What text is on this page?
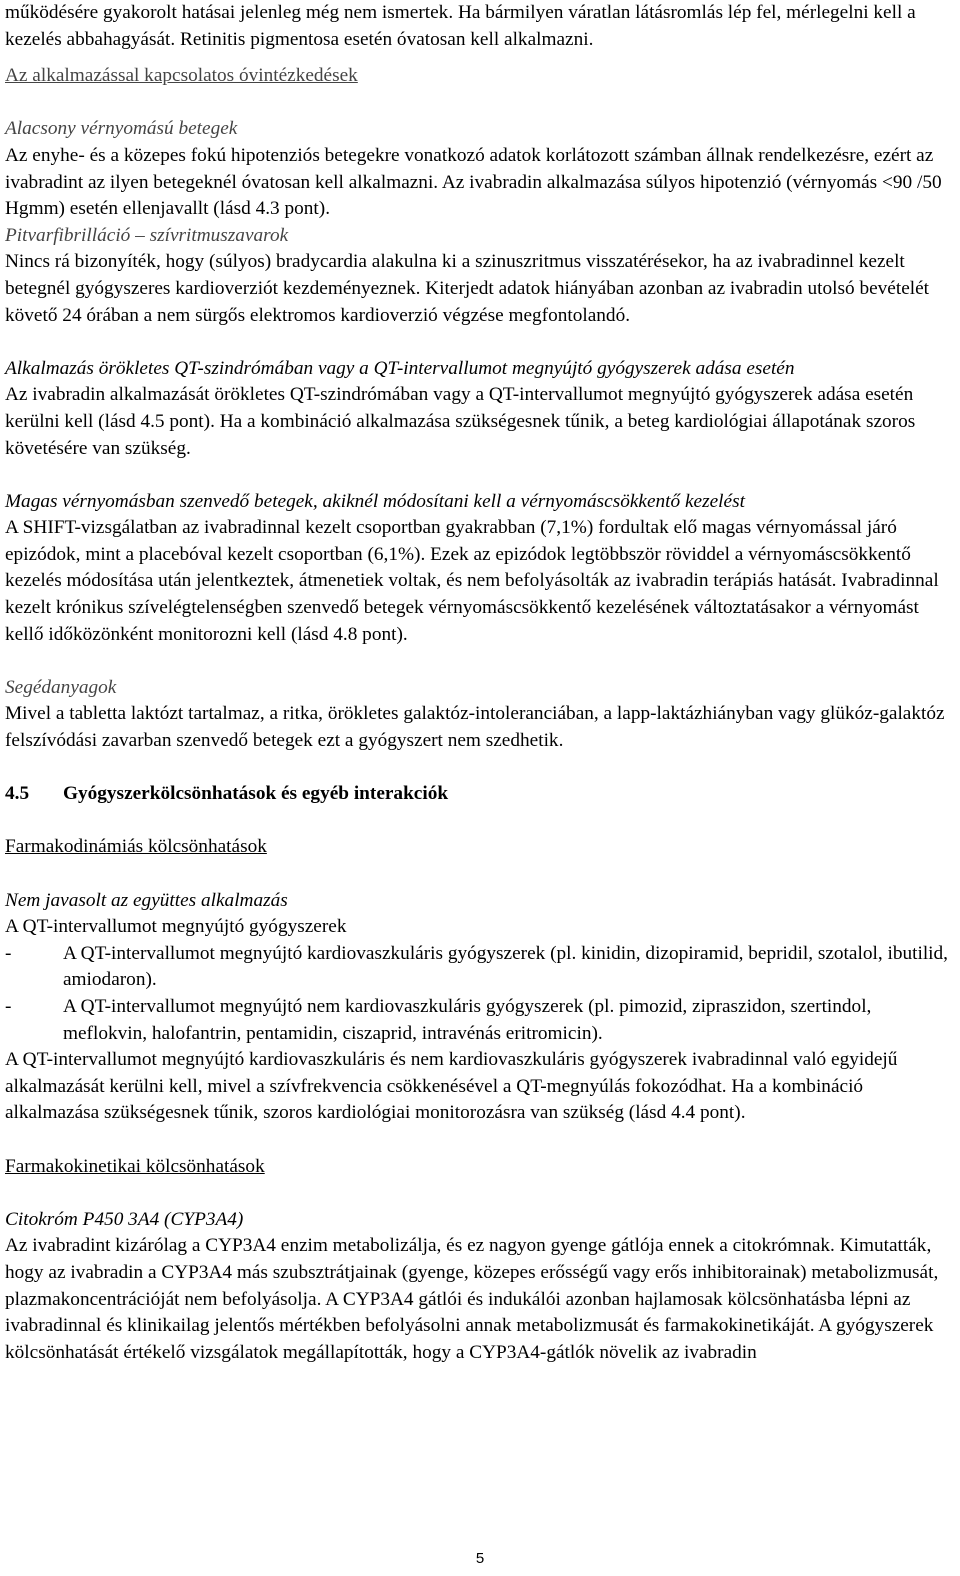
működésére gyakorolt hatásai jelenleg még nem ismertek. Ha bármilyen váratlan látásromlás lép fel, mérlegelni kell a kezelés abbahagyását. Retinitis pigmentosa esetén óvatosan kell alkalmazni.

Az alkalmazással kapcsolatos óvintézkedések

Alacsony vérnyomású betegek

Az enyhe- és a közepes fokú hipotenziós betegekre vonatkozó adatok korlátozott számban állnak rendelkezésre, ezért az ivabradint az ilyen betegeknél óvatosan kell alkalmazni. Az ivabradin alkalmazása súlyos hipotenzió (vérnyomás <90 /50 Hgmm) esetén ellenjavallt (lásd 4.3 pont).

Pitvarfibrilláció – szívritmuszavarok

Nincs rá bizonyíték, hogy (súlyos) bradycardia alakulna ki a szinuszritmus visszatérésekor, ha az ivabradinnel kezelt betegnél gyógyszeres kardioverziót kezdeményeznek. Kiterjedt adatok hiányában azonban az ivabradin utolsó bevételét követő 24 órában a nem sürgős elektromos kardioverzió végzése megfontolandó.

Alkalmazás örökletes QT-szindrómában vagy a QT-intervallumot megnyújtó gyógyszerek adása esetén

Az ivabradin alkalmazását örökletes QT-szindrómában vagy a QT-intervallumot megnyújtó gyógyszerek adása esetén kerülni kell (lásd 4.5 pont). Ha a kombináció alkalmazása szükségesnek tűnik, a beteg kardiológiai állapotának szoros követésére van szükség.

Magas vérnyomásban szenvedő betegek, akiknél módosítani kell a vérnyomáscsökkentő kezelést

A SHIFT-vizsgálatban az ivabradinnal kezelt csoportban gyakrabban (7,1%) fordultak elő magas vérnyomással járó epizódok, mint a placebóval kezelt csoportban (6,1%). Ezek az epizódok legtöbbször röviddel a vérnyomáscsökkentő kezelés módosítása után jelentkeztek, átmenetiek voltak, és nem befolyásolták az ivabradin terápiás hatását. Ivabradinnal kezelt krónikus szívelégtelenségben szenvedő betegek vérnyomáscsökkentő kezelésének változtatásakor a vérnyomást kellő időközönként monitorozni kell (lásd 4.8 pont).

Segédanyagok

Mivel a tabletta laktózt tartalmaz, a ritka, örökletes galaktóz-intoleranciában, a lapp-laktázhiányban vagy glükóz-galaktóz felszívódási zavarban szenvedő betegek ezt a gyógyszert nem szedhetik.

4.5	Gyógyszerkölcsönhatások és egyéb interakciók

Farmakodinámiás kölcsönhatások

Nem javasolt az együttes alkalmazás

A QT-intervallumot megnyújtó gyógyszerek

-	A QT-intervallumot megnyújtó kardiovaszkuláris gyógyszerek (pl. kinidin, dizopiramid, bepridil, szotalol, ibutilid, amiodaron).
-	A QT-intervallumot megnyújtó nem kardiovaszkuláris gyógyszerek (pl. pimozid, zipraszidon, szertindol, meflokvin, halofantrin, pentamidin, ciszaprid, intravénás eritromicin).

A QT-intervallumot megnyújtó kardiovaszkuláris és nem kardiovaszkuláris gyógyszerek ivabradinnal való egyidejű alkalmazását kerülni kell, mivel a szívfrekvencia csökkenésével a QT-megnyúlás fokozódhat. Ha a kombináció alkalmazása szükségesnek tűnik, szoros kardiológiai monitorozásra van szükség (lásd 4.4 pont).

Farmakokinetikai kölcsönhatások

Citokróm P450 3A4 (CYP3A4)

Az ivabradint kizárólag a CYP3A4 enzim metabolizálja, és ez nagyon gyenge gátlója ennek a citokrómnak. Kimutatták, hogy az ivabradin a CYP3A4 más szubsztrátjainak (gyenge, közepes erősségű vagy erős inhibitorainak) metabolizmusát, plazmakoncentrációját nem befolyásolja. A CYP3A4 gátlói és indukálói azonban hajlamosak kölcsönhatásba lépni az ivabradinnal és klinikailag jelentős mértékben befolyásolni annak metabolizmusát és farmakokinetikáját. A gyógyszerek kölcsönhatását értékelő vizsgálatok megállapították, hogy a CYP3A4-gátlók növelik az ivabradin

5
